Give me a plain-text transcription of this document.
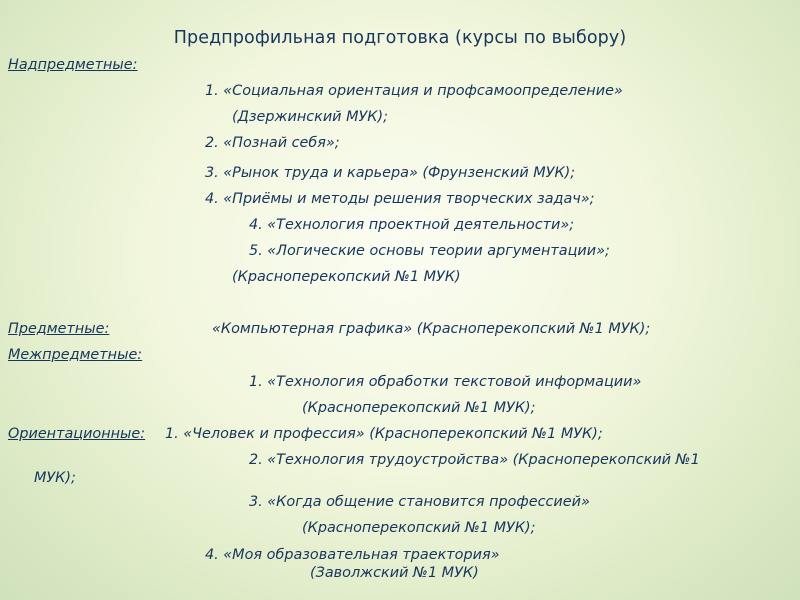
Предпрофильная подготовка (курсы по выбору)
Надпредметные:
1. «Социальная ориентация и профсамоопределение»
(Дзержинский МУК);
2. «Познай себя»;
3. «Рынок труда и карьера» (Фрунзенский МУК);
4. «Приёмы и методы решения творческих задач»;
4. «Технология проектной деятельности»;
5. «Логические основы теории аргументации»;
(Красноперекопский №1 МУК)
Предметные:	«Компьютерная графика» (Красноперекопский №1 МУК);
Межпредметные:
1. «Технология обработки текстовой информации»
(Красноперекопский №1 МУК);
Ориентационные: 1. «Человек и профессия» (Красноперекопский №1 МУК);
2. «Технология трудоустройства» (Красноперекопский №1
МУК);
3. «Когда общение становится профессией»
(Красноперекопский №1 МУК);
4. «Моя образовательная траектория»
(Заволжский №1 МУК)
